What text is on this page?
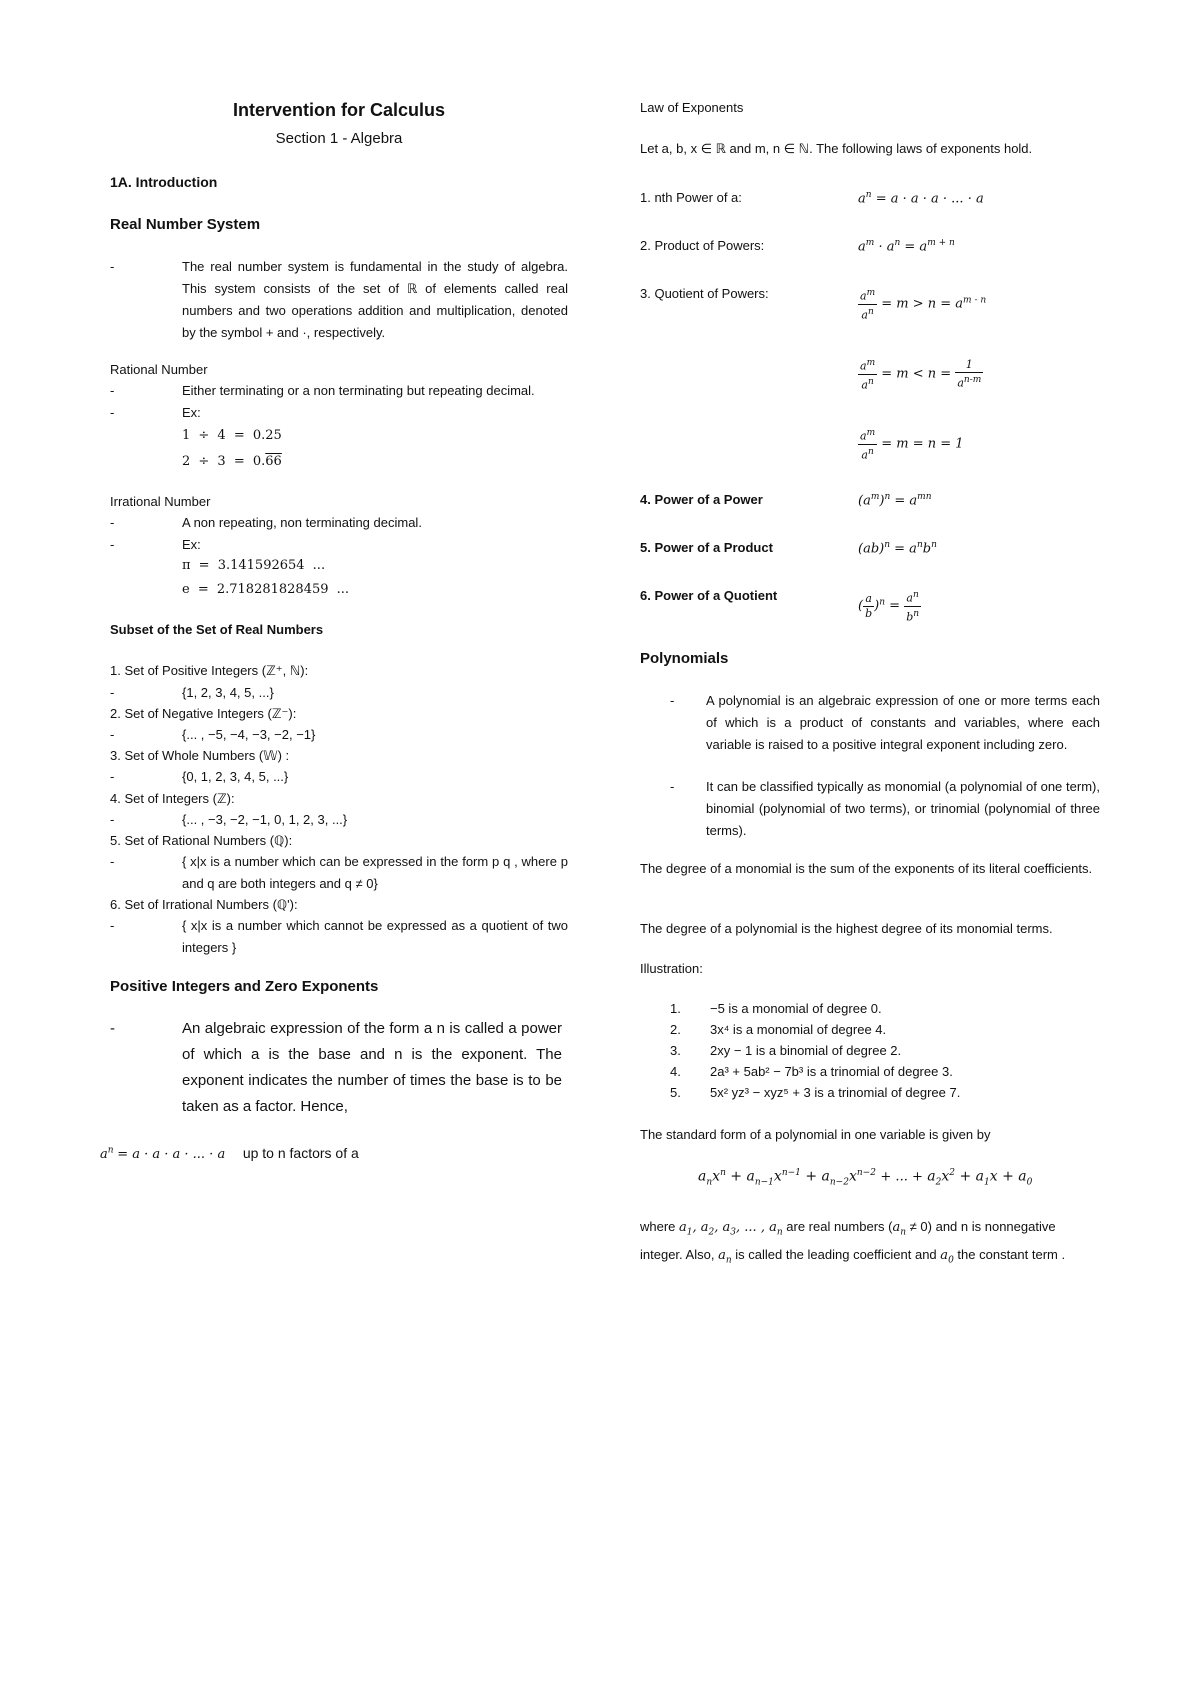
Intervention for Calculus
Section 1 - Algebra
1A. Introduction
Real Number System
-	The real number system is fundamental in the study of algebra. This system consists of the set of ℝ of elements called real numbers and two operations addition and multiplication, denoted by the symbol + and ·, respectively.
Rational Number
-	Either terminating or a non terminating but repeating decimal.
-	Ex:
1 ÷ 4 = 0.25
2 ÷ 3 = 0.66
Irrational Number
-	A non repeating, non terminating decimal.
-	Ex:
π = 3.141592654 ...
e = 2.718281828459 ...
Subset of the Set of Real Numbers
1. Set of Positive Integers (ℤ⁺, ℕ):
-	{1, 2, 3, 4, 5, ...}
2. Set of Negative Integers (ℤ⁻):
-	{... , −5, −4, −3, −2, −1}
3. Set of Whole Numbers (𝕎) :
-	{0, 1, 2, 3, 4, 5, ...}
4. Set of Integers (ℤ):
-	{... , −3, −2, −1, 0, 1, 2, 3, ...}
5. Set of Rational Numbers (ℚ):
-	{ x|x is a number which can be expressed in the form p q , where p and q are both integers and q ≠ 0}
6. Set of Irrational Numbers (ℚ'):
-	{ x|x is a number which cannot be expressed as a quotient of two integers }
Positive Integers and Zero Exponents
-	An algebraic expression of the form a n is called a power of which a is the base and n is the exponent. The exponent indicates the number of times the base is to be taken as a factor. Hence,
$a^n = a \cdot a \cdot a$ · ... · a up to n factors of a
Law of Exponents
Let a, b, x ∈ ℝ and m, n ∈ ℕ. The following laws of exponents hold.
1. nth Power of a:	$a^n = a \cdot a \cdot a$ · ... · a
2. Product of Powers:	$a^m \cdot a^n = a^{m + n}$
3. Quotient of Powers:	$\frac{a^m}{a^n} = m > n = a^{m - n}$
$\frac{a^m}{a^n} = m < n = \frac{1}{a^{n-m}}$
$\frac{a^m}{a^n} = m = n = 1$
4. Power of a Power	$(a^m)^n = a^{mn}$
5. Power of a Product	$(ab)^n = a^nb^n$
6. Power of a Quotient
( $\frac{a}{b} )^n = \frac{a^n}{b^n}$
Polynomials
-	A polynomial is an algebraic expression of one or more terms each of which is a product of constants and variables, where each variable is raised to a positive integral exponent including zero.
-	It can be classified typically as monomial (a polynomial of one term), binomial (polynomial of two terms), or trinomial (polynomial of three terms).
The degree of a monomial is the sum of the exponents of its literal coefficients.
The degree of a polynomial is the highest degree of its monomial terms.
Illustration:
1.	−5 is a monomial of degree 0.
2.	3x⁴ is a monomial of degree 4.
3.	2xy − 1 is a binomial of degree 2.
4.	2a³ + 5ab² − 7b³ is a trinomial of degree 3.
5.	5x² yz³ − xyz⁵ + 3 is a trinomial of degree 7.
The standard form of a polynomial in one variable is given by
$a_nx^n + a_{n-1}x^{n-1} + a_{n-2}x^{n-2}$ + ... + $a_2x^2 + a_1x + a_0$
where $a_1$, $a_2$, $a_3$, ... , $a_n$ are real numbers $(a_n \ne 0)$ and n is nonnegative
integer. Also, $a_n$ is called the leading coefficient and $a_0$ the constant term .
